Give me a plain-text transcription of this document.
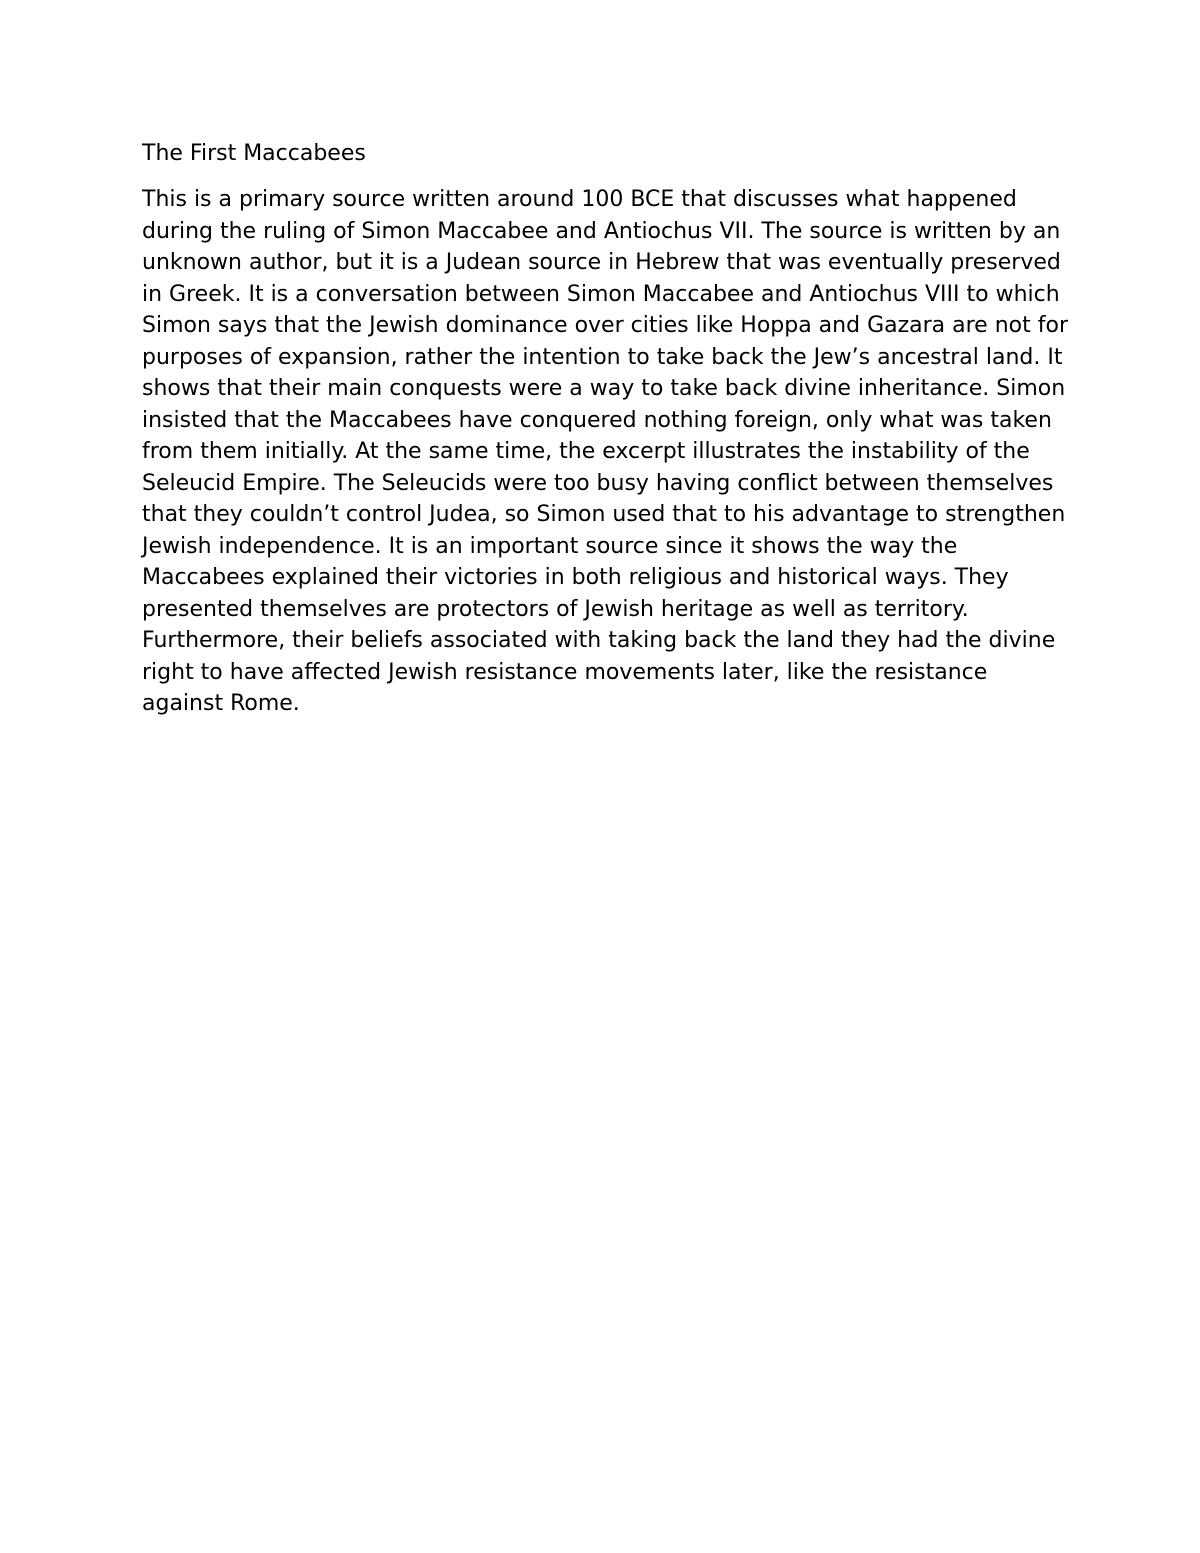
The First Maccabees

This is a primary source written around 100 BCE that discusses what happened during the ruling of Simon Maccabee and Antiochus VII. The source is written by an unknown author, but it is a Judean source in Hebrew that was eventually preserved in Greek. It is a conversation between Simon Maccabee and Antiochus VIII to which Simon says that the Jewish dominance over cities like Hoppa and Gazara are not for purposes of expansion, rather the intention to take back the Jew’s ancestral land. It shows that their main conquests were a way to take back divine inheritance. Simon insisted that the Maccabees have conquered nothing foreign, only what was taken from them initially. At the same time, the excerpt illustrates the instability of the Seleucid Empire. The Seleucids were too busy having conflict between themselves that they couldn’t control Judea, so Simon used that to his advantage to strengthen Jewish independence. It is an important source since it shows the way the Maccabees explained their victories in both religious and historical ways. They presented themselves are protectors of Jewish heritage as well as territory. Furthermore, their beliefs associated with taking back the land they had the divine right to have affected Jewish resistance movements later, like the resistance against Rome.
